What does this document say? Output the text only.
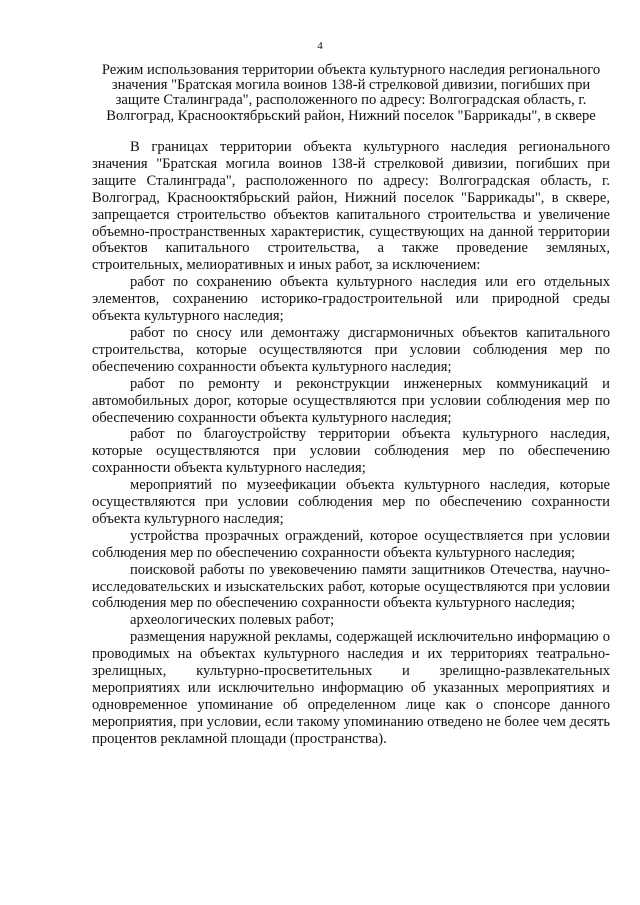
4
Режим использования территории объекта культурного наследия регионального значения "Братская могила воинов 138-й стрелковой дивизии, погибших при защите Сталинграда", расположенного по адресу: Волгоградская область, г. Волгоград, Краснооктябрьский район, Нижний поселок "Баррикады", в сквере

В границах территории объекта культурного наследия регионального значения "Братская могила воинов 138-й стрелковой дивизии, погибших при защите Сталинграда", расположенного по адресу: Волгоградская область, г. Волгоград, Краснооктябрьский район, Нижний поселок "Баррикады", в сквере, запрещается строительство объектов капитального строительства и увеличение объемно-пространственных характеристик, существующих на данной территории объектов капитального строительства, а также проведение земляных, строительных, мелиоративных и иных работ, за исключением:

работ по сохранению объекта культурного наследия или его отдельных элементов, сохранению историко-градостроительной или природной среды объекта культурного наследия;

работ по сносу или демонтажу дисгармоничных объектов капитального строительства, которые осуществляются при условии соблюдения мер по обеспечению сохранности объекта культурного наследия;

работ по ремонту и реконструкции инженерных коммуникаций и автомобильных дорог, которые осуществляются при условии соблюдения мер по обеспечению сохранности объекта культурного наследия;

работ по благоустройству территории объекта культурного наследия, которые осуществляются при условии соблюдения мер по обеспечению сохранности объекта культурного наследия;

мероприятий по музеефикации объекта культурного наследия, которые осуществляются при условии соблюдения мер по обеспечению сохранности объекта культурного наследия;

устройства прозрачных ограждений, которое осуществляется при условии соблюдения мер по обеспечению сохранности объекта культурного наследия;

поисковой работы по увековечению памяти защитников Отечества, научно-исследовательских и изыскательских работ, которые осуществляются при условии соблюдения мер по обеспечению сохранности объекта культурного наследия;

археологических полевых работ;

размещения наружной рекламы, содержащей исключительно информацию о проводимых на объектах культурного наследия и их территориях театрально-зрелищных, культурно-просветительных и зрелищно-развлекательных мероприятиях или исключительно информацию об указанных мероприятиях и одновременное упоминание об определенном лице как о спонсоре данного мероприятия, при условии, если такому упоминанию отведено не более чем десять процентов рекламной площади (пространства).
